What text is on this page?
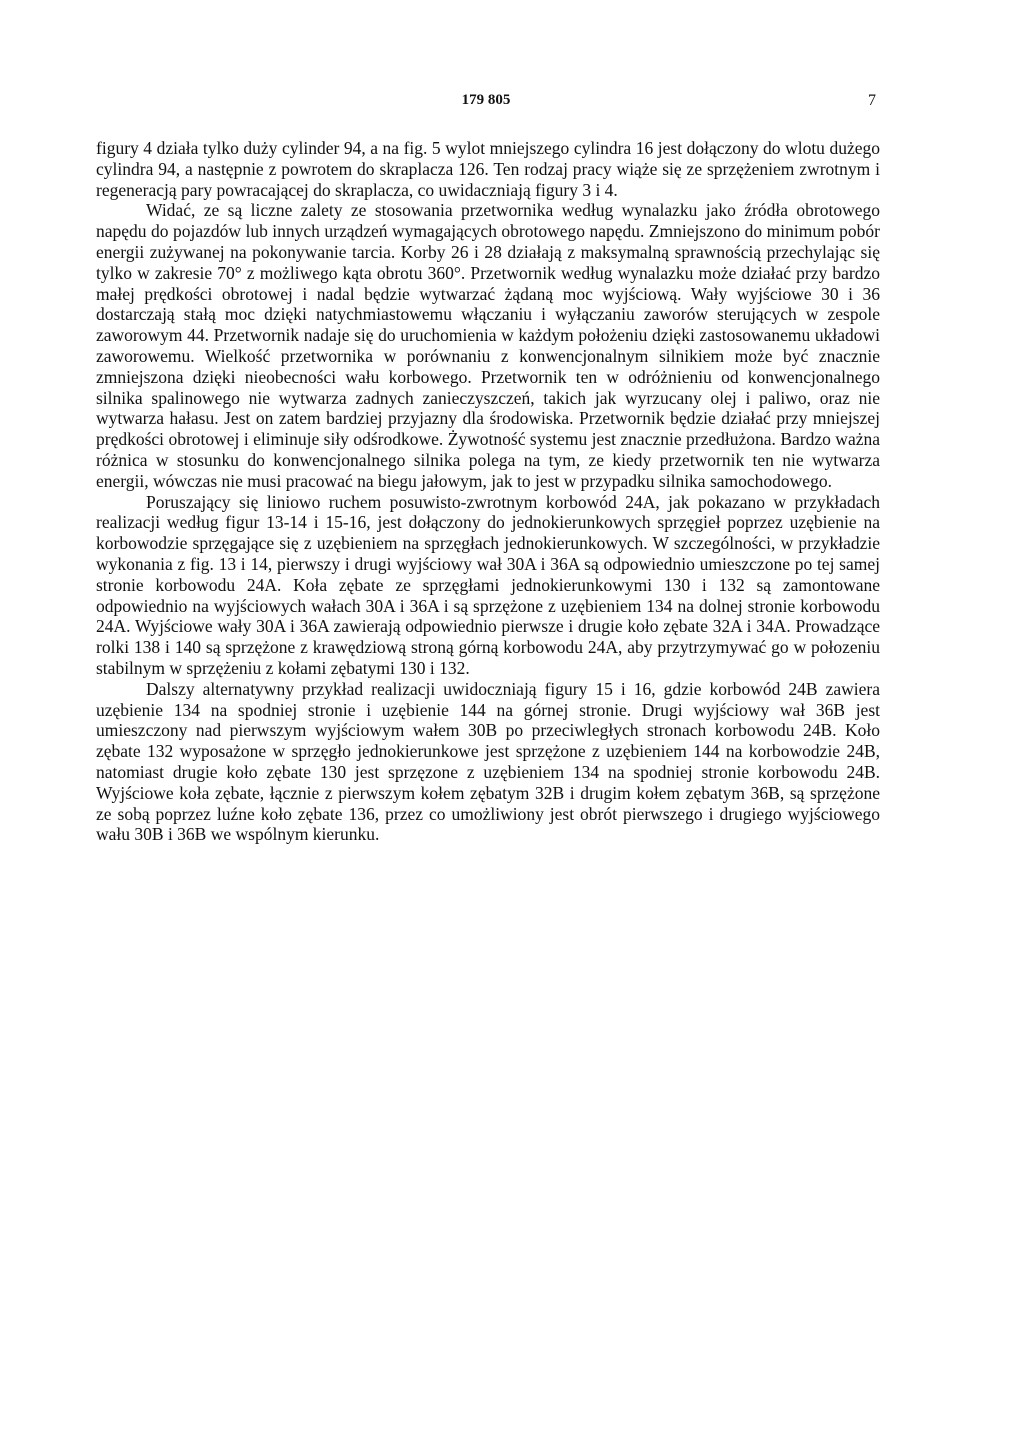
179 805	7

figury 4 działa tylko duży cylinder 94, a na fig. 5 wylot mniejszego cylindra 16 jest dołączony do wlotu dużego cylindra 94, a następnie z powrotem do skraplacza 126. Ten rodzaj pracy wiąże się ze sprzężeniem zwrotnym i regeneracją pary powracającej do skraplacza, co uwidaczniają figury 3 i 4.

Widać, ze są liczne zalety ze stosowania przetwornika według wynalazku jako źródła obrotowego napędu do pojazdów lub innych urządzeń wymagających obrotowego napędu. Zmniejszono do minimum pobór energii zużywanej na pokonywanie tarcia. Korby 26 i 28 działają z maksymalną sprawnością przechylając się tylko w zakresie 70° z możliwego kąta obrotu 360°. Przetwornik według wynalazku może działać przy bardzo małej prędkości obrotowej i nadal będzie wytwarzać żądaną moc wyjściową. Wały wyjściowe 30 i 36 dostarczają stałą moc dzięki natychmiastowemu włączaniu i wyłączaniu zaworów sterujących w zespole zaworowym 44. Przetwornik nadaje się do uruchomienia w każdym położeniu dzięki zastosowanemu układowi zaworowemu. Wielkość przetwornika w porównaniu z konwencjonalnym silnikiem może być znacznie zmniejszona dzięki nieobecności wału korbowego. Przetwornik ten w odróżnieniu od konwencjonalnego silnika spalinowego nie wytwarza zadnych zanieczyszczeń, takich jak wyrzucany olej i paliwo, oraz nie wytwarza hałasu. Jest on zatem bardziej przyjazny dla środowiska. Przetwornik będzie działać przy mniejszej prędkości obrotowej i eliminuje siły odśrodkowe. Żywotność systemu jest znacznie przedłużona. Bardzo ważna różnica w stosunku do konwencjonalnego silnika polega na tym, ze kiedy przetwornik ten nie wytwarza energii, wówczas nie musi pracować na biegu jałowym, jak to jest w przypadku silnika samochodowego.

Poruszający się liniowo ruchem posuwisto-zwrotnym korbowód 24A, jak pokazano w przykładach realizacji według figur 13-14 i 15-16, jest dołączony do jednokierunkowych sprzęgieł poprzez uzębienie na korbowodzie sprzęgające się z uzębieniem na sprzęgłach jednokierunkowych. W szczególności, w przykładzie wykonania z fig. 13 i 14, pierwszy i drugi wyjściowy wał 30A i 36A są odpowiednio umieszczone po tej samej stronie korbowodu 24A. Koła zębate ze sprzęgłami jednokierunkowymi 130 i 132 są zamontowane odpowiednio na wyjściowych wałach 30A i 36A i są sprzężone z uzębieniem 134 na dolnej stronie korbowodu 24A. Wyjściowe wały 30A i 36A zawierają odpowiednio pierwsze i drugie koło zębate 32A i 34A. Prowadzące rolki 138 i 140 są sprzężone z krawędziową stroną górną korbowodu 24A, aby przytrzymywać go w połozeniu stabilnym w sprzężeniu z kołami zębatymi 130 i 132.

Dalszy alternatywny przykład realizacji uwidoczniają figury 15 i 16, gdzie korbowód 24B zawiera uzębienie 134 na spodniej stronie i uzębienie 144 na górnej stronie. Drugi wyjściowy wał 36B jest umieszczony nad pierwszym wyjściowym wałem 30B po przeciwległych stronach korbowodu 24B. Koło zębate 132 wyposażone w sprzęgło jednokierunkowe jest sprzężone z uzębieniem 144 na korbowodzie 24B, natomiast drugie koło zębate 130 jest sprzęzone z uzębieniem 134 na spodniej stronie korbowodu 24B. Wyjściowe koła zębate, łącznie z pierwszym kołem zębatym 32B i drugim kołem zębatym 36B, są sprzężone ze sobą poprzez luźne koło zębate 136, przez co umożliwiony jest obrót pierwszego i drugiego wyjściowego wału 30B i 36B we wspólnym kierunku.
